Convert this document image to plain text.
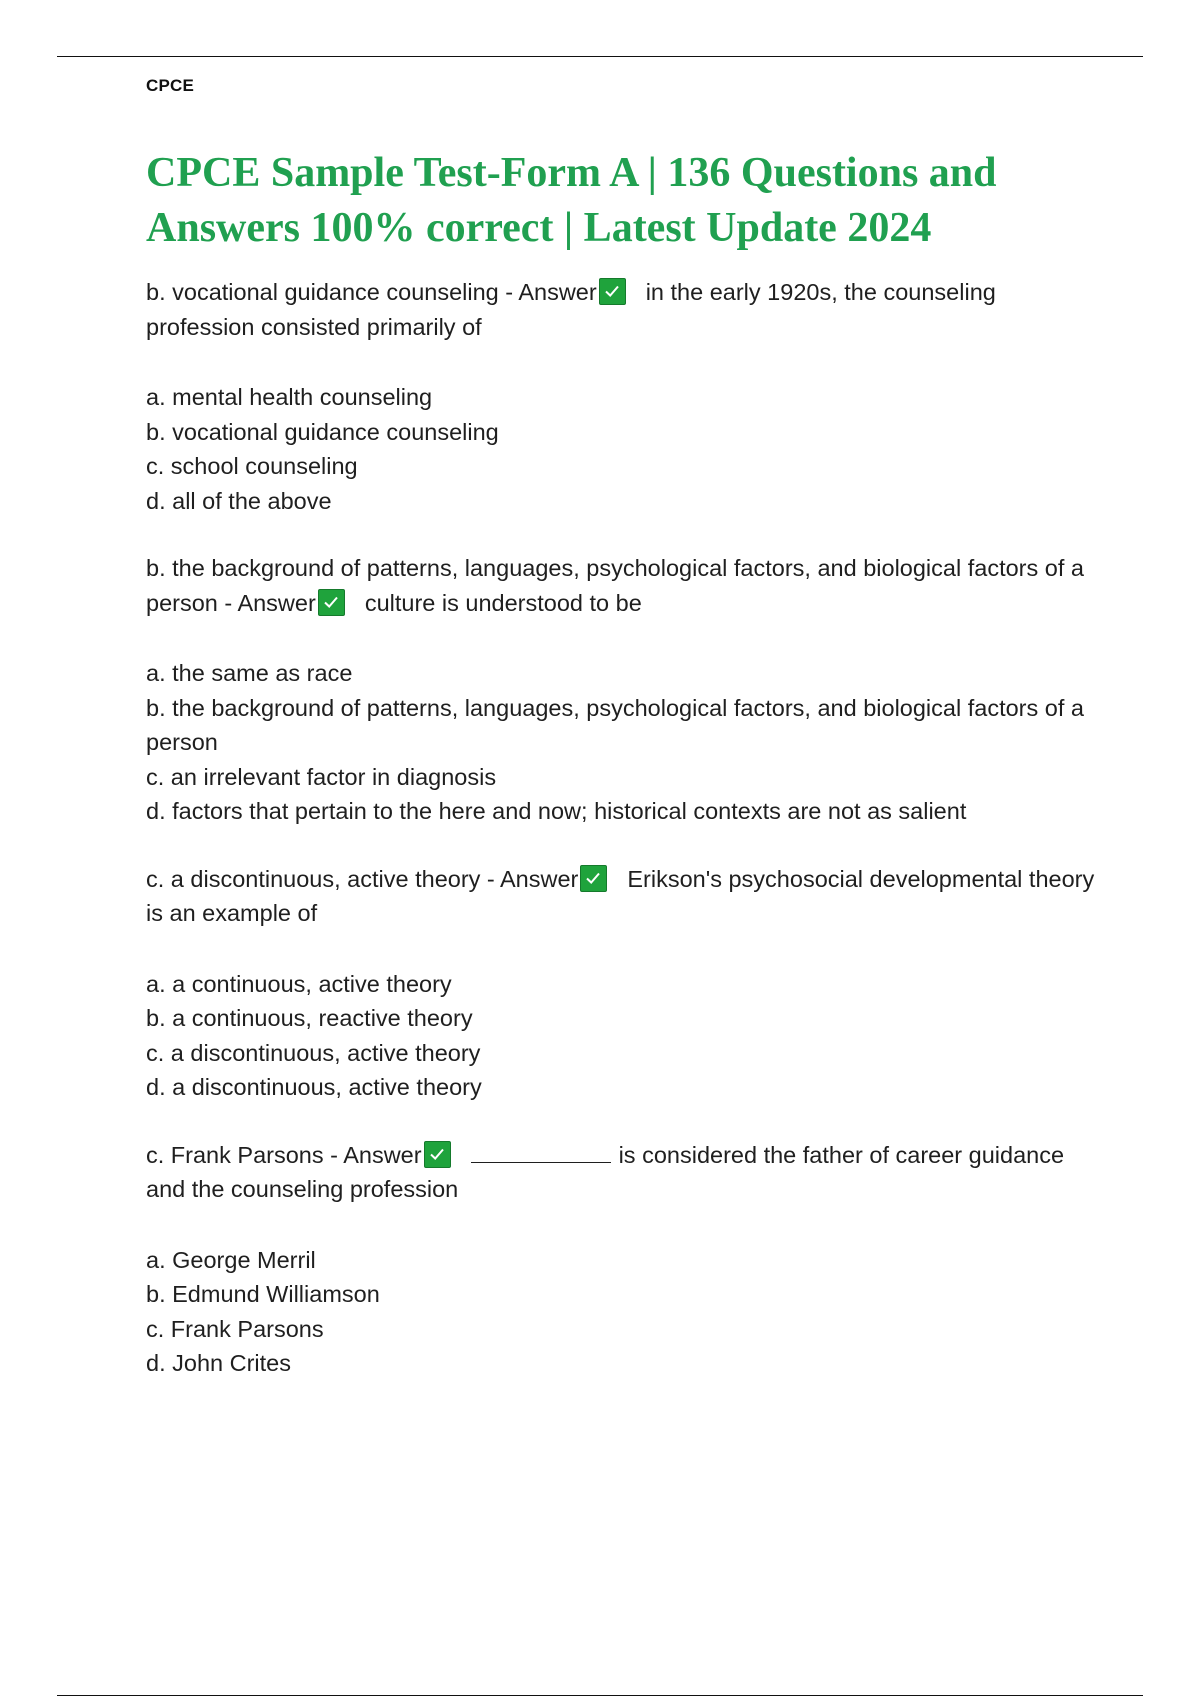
CPCE
CPCE Sample Test-Form A | 136 Questions and Answers 100% correct | Latest Update 2024

b. vocational guidance counseling - Answer in the early 1920s, the counseling profession consisted primarily of

a. mental health counseling
b. vocational guidance counseling
c. school counseling
d. all of the above

b. the background of patterns, languages, psychological factors, and biological factors of a person - Answer culture is understood to be

a. the same as race
b. the background of patterns, languages, psychological factors, and biological factors of a person
c. an irrelevant factor in diagnosis
d. factors that pertain to the here and now; historical contexts are not as salient

c. a discontinuous, active theory - Answer Erikson's psychosocial developmental theory is an example of

a. a continuous, active theory
b. a continuous, reactive theory
c. a discontinuous, active theory
d. a discontinuous, active theory

c. Frank Parsons - Answer	is considered the father of career guidance and the counseling profession

a. George Merril
b. Edmund Williamson
c. Frank Parsons
d. John Crites
